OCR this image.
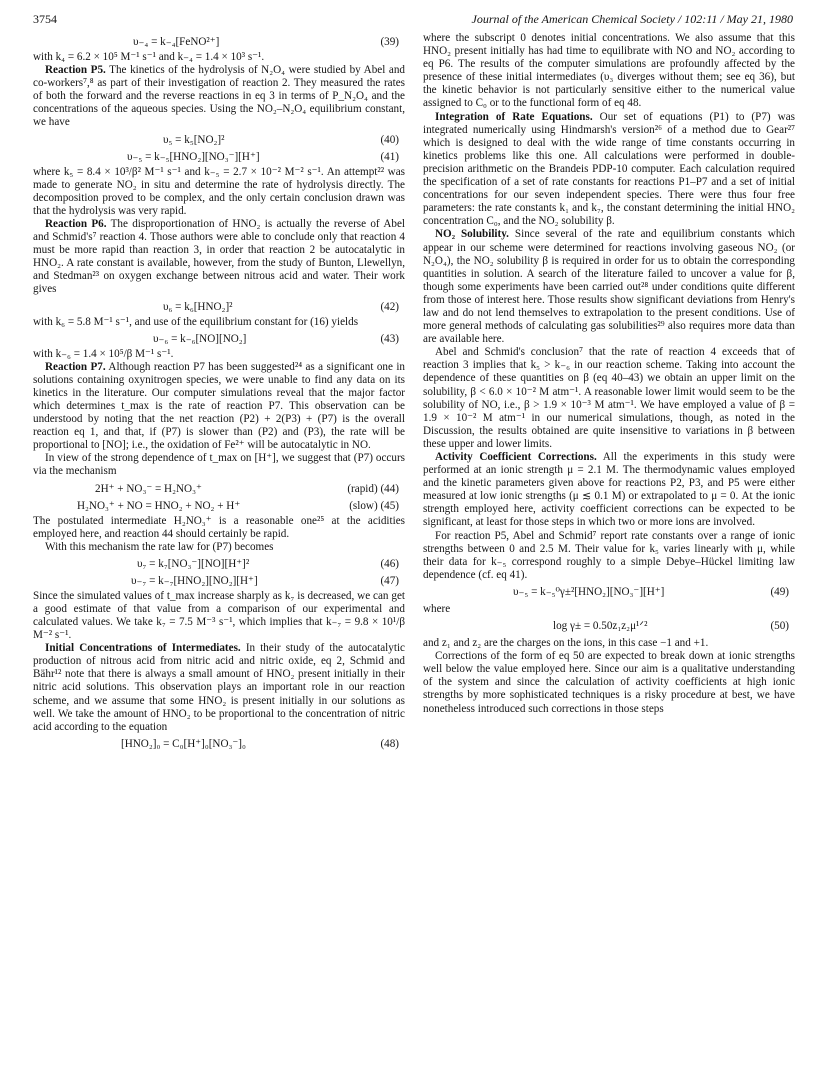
3754	Journal of the American Chemical Society / 102:11 / May 21, 1980
υ₋₄ = k₋₄[FeNO²⁺]	(39)

with k₄ = 6.2 × 10⁵ M⁻¹ s⁻¹ and k₋₄ = 1.4 × 10³ s⁻¹.

Reaction P5. The kinetics of the hydrolysis of N₂O₄ were studied by Abel and co-workers⁷,⁸ as part of their investigation of reaction 2. They measured the rates of both the forward and the reverse reactions in eq 3 in terms of P_N₂O₄ and the concentrations of the aqueous species. Using the NO₂–N₂O₄ equilibrium constant, we have

υ₅ = k₅[NO₂]²	(40)
υ₋₅ = k₋₅[HNO₂][NO₃⁻][H⁺]	(41)

where k₅ = 8.4 × 10³/β² M⁻¹ s⁻¹ and k₋₅ = 2.7 × 10⁻² M⁻² s⁻¹. An attempt²² was made to generate NO₂ in situ and determine the rate of hydrolysis directly. The decomposition proved to be complex, and the only certain conclusion drawn was that the hydrolysis was very rapid.

Reaction P6. The disproportionation of HNO₂ is actually the reverse of Abel and Schmid's⁷ reaction 4. Those authors were able to conclude only that reaction 4 must be more rapid than reaction 3, in order that reaction 2 be autocatalytic in HNO₂. A rate constant is available, however, from the study of Bunton, Llewellyn, and Stedman²³ on oxygen exchange between nitrous acid and water. Their work gives

υ₆ = k₆[HNO₂]²	(42)

with k₆ = 5.8 M⁻¹ s⁻¹, and use of the equilibrium constant for (16) yields

υ₋₆ = k₋₆[NO][NO₂]	(43)

with k₋₆ = 1.4 × 10⁵/β M⁻¹ s⁻¹.

Reaction P7. Although reaction P7 has been suggested²⁴ as a significant one in solutions containing oxynitrogen species, we were unable to find any data on its kinetics in the literature. Our computer simulations reveal that the major factor which determines t_max is the rate of reaction P7. This observation can be understood by noting that the net reaction (P2) + 2(P3) + (P7) is the overall reaction eq 1, and that, if (P7) is slower than (P2) and (P3), the rate will be proportional to [NO]; i.e., the oxidation of Fe²⁺ will be autocatalytic in NO.

In view of the strong dependence of t_max on [H⁺], we suggest that (P7) occurs via the mechanism

2H⁺ + NO₃⁻ = H₂NO₃⁺	(rapid) (44)
H₂NO₃⁺ + NO = HNO₂ + NO₂ + H⁺	(slow) (45)

The postulated intermediate H₂NO₃⁺ is a reasonable one²⁵ at the acidities employed here, and reaction 44 should certainly be rapid.

With this mechanism the rate law for (P7) becomes

υ₇ = k₇[NO₃⁻][NO][H⁺]²	(46)
υ₋₇ = k₋₇[HNO₂][NO₂][H⁺]	(47)

Since the simulated values of t_max increase sharply as k₇ is decreased, we can get a good estimate of that value from a comparison of our experimental and calculated values. We take k₇ = 7.5 M⁻³ s⁻¹, which implies that k₋₇ = 9.8 × 10¹/β M⁻² s⁻¹.

Initial Concentrations of Intermediates. In their study of the autocatalytic production of nitrous acid from nitric acid and nitric oxide, eq 2, Schmid and Bähr¹² note that there is always a small amount of HNO₂ present initially in their nitric acid solutions. This observation plays an important role in our reaction scheme, and we assume that some HNO₂ is present initially in our solutions as well. We take the amount of HNO₂ to be proportional to the concentration of nitric acid according to the equation

[HNO₂]₀ = C₀[H⁺]₀[NO₃⁻]₀	(48)

where the subscript 0 denotes initial concentrations. We also assume that this HNO₂ present initially has had time to equilibrate with NO and NO₂ according to eq P6. The results of the computer simulations are profoundly affected by the presence of these initial intermediates (υ₃ diverges without them; see eq 36), but the kinetic behavior is not particularly sensitive either to the numerical value assigned to C₀ or to the functional form of eq 48.

Integration of Rate Equations. Our set of equations (P1) to (P7) was integrated numerically using Hindmarsh's version²⁶ of a method due to Gear²⁷ which is designed to deal with the wide range of time constants occurring in kinetics problems like this one. All calculations were performed in double-precision arithmetic on the Brandeis PDP-10 computer. Each calculation required the specification of a set of rate constants for reactions P1–P7 and a set of initial concentrations for our seven independent species. There were thus four free parameters: the rate constants k₁ and k₇, the constant determining the initial HNO₂ concentration C₀, and the NO₂ solubility β.

NO₂ Solubility. Since several of the rate and equilibrium constants which appear in our scheme were determined for reactions involving gaseous NO₂ (or N₂O₄), the NO₂ solubility β is required in order for us to obtain the corresponding quantities in solution. A search of the literature failed to uncover a value for β, though some experiments have been carried out²⁸ under conditions quite different from those of interest here. Those results show significant deviations from Henry's law and do not lend themselves to extrapolation to the present conditions. Use of more general methods of calculating gas solubilities²⁹ also requires more data than are available here.

Abel and Schmid's conclusion⁷ that the rate of reaction 4 exceeds that of reaction 3 implies that k₅ > k₋₆ in our reaction scheme. Taking into account the dependence of these quantities on β (eq 40–43) we obtain an upper limit on the solubility, β < 6.0 × 10⁻² M atm⁻¹. A reasonable lower limit would seem to be the solubility of NO, i.e., β > 1.9 × 10⁻³ M atm⁻¹. We have employed a value of β = 1.9 × 10⁻² M atm⁻¹ in our numerical simulations, though, as noted in the Discussion, the results obtained are quite insensitive to variations in β between these upper and lower limits.

Activity Coefficient Corrections. All the experiments in this study were performed at an ionic strength μ = 2.1 M. The thermodynamic values employed and the kinetic parameters given above for reactions P2, P3, and P5 were either measured at low ionic strengths (μ ≲ 0.1 M) or extrapolated to μ = 0. At the ionic strength employed here, activity coefficient corrections can be expected to be significant, at least for those steps in which two or more ions are involved.

For reaction P5, Abel and Schmid⁷ report rate constants over a range of ionic strengths between 0 and 2.5 M. Their value for k₅ varies linearly with μ, while their data for k₋₅ correspond roughly to a simple Debye–Hückel limiting law dependence (cf. eq 41).

υ₋₅ = k₋₅⁰γ±²[HNO₂][NO₃⁻][H⁺]	(49)

where

log γ± = 0.50z₁z₂μ¹ᐟ²	(50)

and z₁ and z₂ are the charges on the ions, in this case −1 and +1.

Corrections of the form of eq 50 are expected to break down at ionic strengths well below the value employed here. Since our aim is a qualitative understanding of the system and since the calculation of activity coefficients at high ionic strengths by more sophisticated techniques is a risky procedure at best, we have nonetheless introduced such corrections in those steps
